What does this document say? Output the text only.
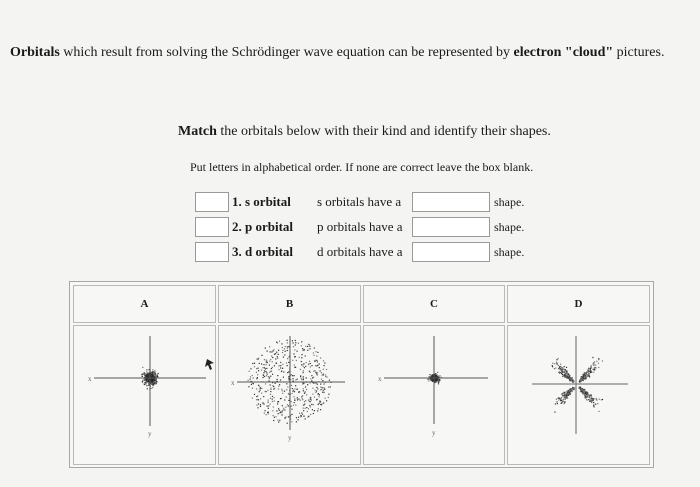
Orbitals which result from solving the Schrödinger wave equation can be represented by electron "cloud" pictures.
Match the orbitals below with their kind and identify their shapes.
Put letters in alphabetical order. If none are correct leave the box blank.
1. s orbital s orbitals have a	shape.
2. p orbital p orbitals have a	shape.
3. d orbital d orbitals have a	shape.
A	B	C	D
x
y
x
y
x
y
